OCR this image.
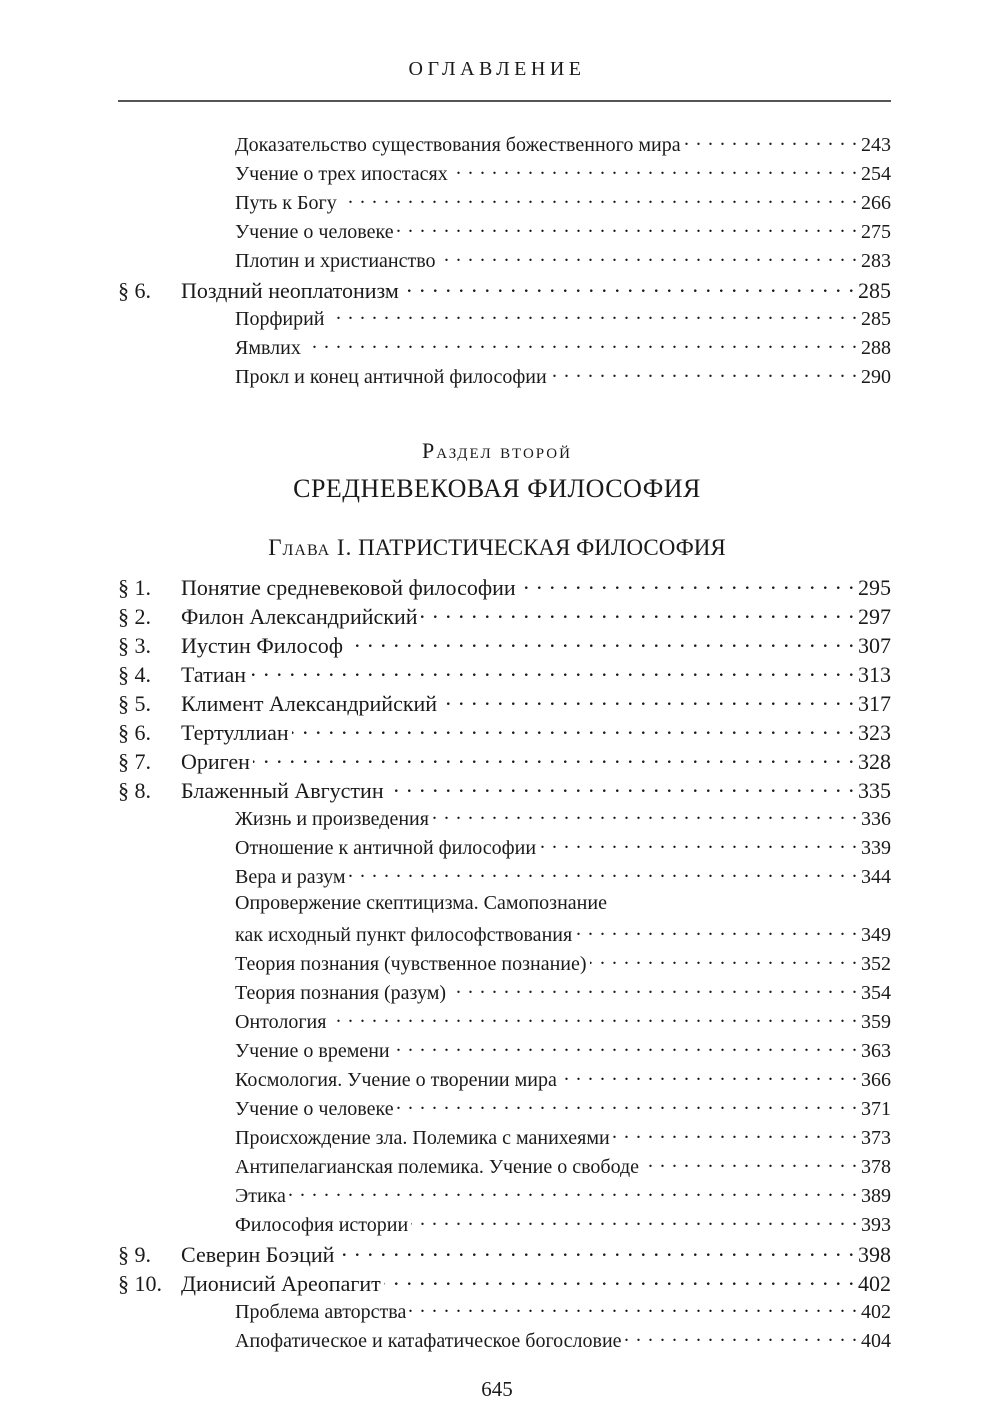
ОГЛАВЛЕНИЕ
Доказательство существования божественного мира . . .	243
Учение о трех ипостасях . . .	254
Путь к Богу . . .	266
Учение о человеке . . .	275
Плотин и христианство . . .	283
§ 6.	Поздний неоплатонизм . . .	285
Порфирий . . .	285
Ямвлих . . .	288
Прокл и конец античной философии . . .	290
Раздел второй
СРЕДНЕВЕКОВАЯ ФИЛОСОФИЯ
Глава I. ПАТРИСТИЧЕСКАЯ ФИЛОСОФИЯ
§ 1.	Понятие средневековой философии . . .	295
§ 2.	Филон Александрийский . . .	297
§ 3.	Иустин Философ . . .	307
§ 4.	Татиан . . .	313
§ 5.	Климент Александрийский . . .	317
§ 6.	Тертуллиан . . .	323
§ 7.	Ориген . . .	328
§ 8.	Блаженный Августин . . .	335
Жизнь и произведения . . .	336
Отношение к античной философии . . .	339
Вера и разум . . .	344
Опровержение скептицизма. Самопознание
как исходный пункт философствования . . .	349
Теория познания (чувственное познание) . . .	352
Теория познания (разум) . . .	354
Онтология . . .	359
Учение о времени . . .	363
Космология. Учение о творении мира . . .	366
Учение о человеке . . .	371
Происхождение зла. Полемика с манихеями . . .	373
Антипелагианская полемика. Учение о свободе . . .	378
Этика . . .	389
Философия истории . . .	393
§ 9.	Северин Боэций . . .	398
§ 10. Дионисий Ареопагит . . .	402
Проблема авторства . . .	402
Апофатическое и катафатическое богословие . . .	404
645
